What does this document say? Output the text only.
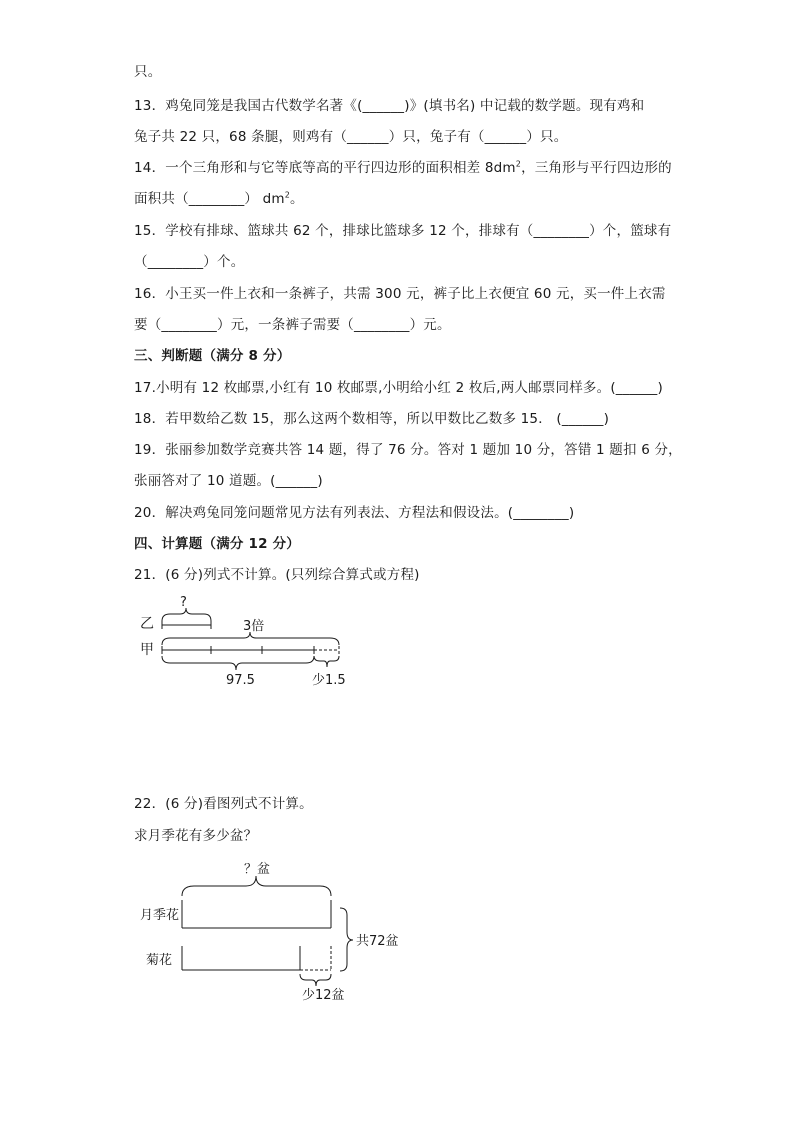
只。
13．鸡兔同笼是我国古代数学名著《(______)》(填书名) 中记载的数学题。现有鸡和
兔子共 22 只，68 条腿，则鸡有（______）只，兔子有（______）只。
14．一个三角形和与它等底等高的平行四边形的面积相差 $8dm^2$，三角形与平行四边形的
面积共（________） $dm^2$。
15．学校有排球、篮球共 62 个，排球比篮球多 12 个，排球有（________）个，篮球有
（________）个。
16．小王买一件上衣和一条裤子，共需 300 元，裤子比上衣便宜 60 元，买一件上衣需
要（________）元，一条裤子需要（________）元。
三、判断题（满分 8 分）
17.小明有 12 枚邮票,小红有 10 枚邮票,小明给小红 2 枚后,两人邮票同样多。(______)
18．若甲数给乙数 15，那么这两个数相等，所以甲数比乙数多 15． (______)
19．张丽参加数学竞赛共答 14 题，得了 76 分。答对 1 题加 10 分，答错 1 题扣 6 分，
张丽答对了 10 道题。(______)
20．解决鸡兔同笼问题常见方法有列表法、方程法和假设法。(________)
四、计算题（满分 12 分）
21．(6 分)列式不计算。(只列综合算式或方程)
乙
甲
?
3倍
97.5	少1.5
22．(6 分)看图列式不计算。
求月季花有多少盆？
月季花
菊花
？盆
共72盆
少12盆
